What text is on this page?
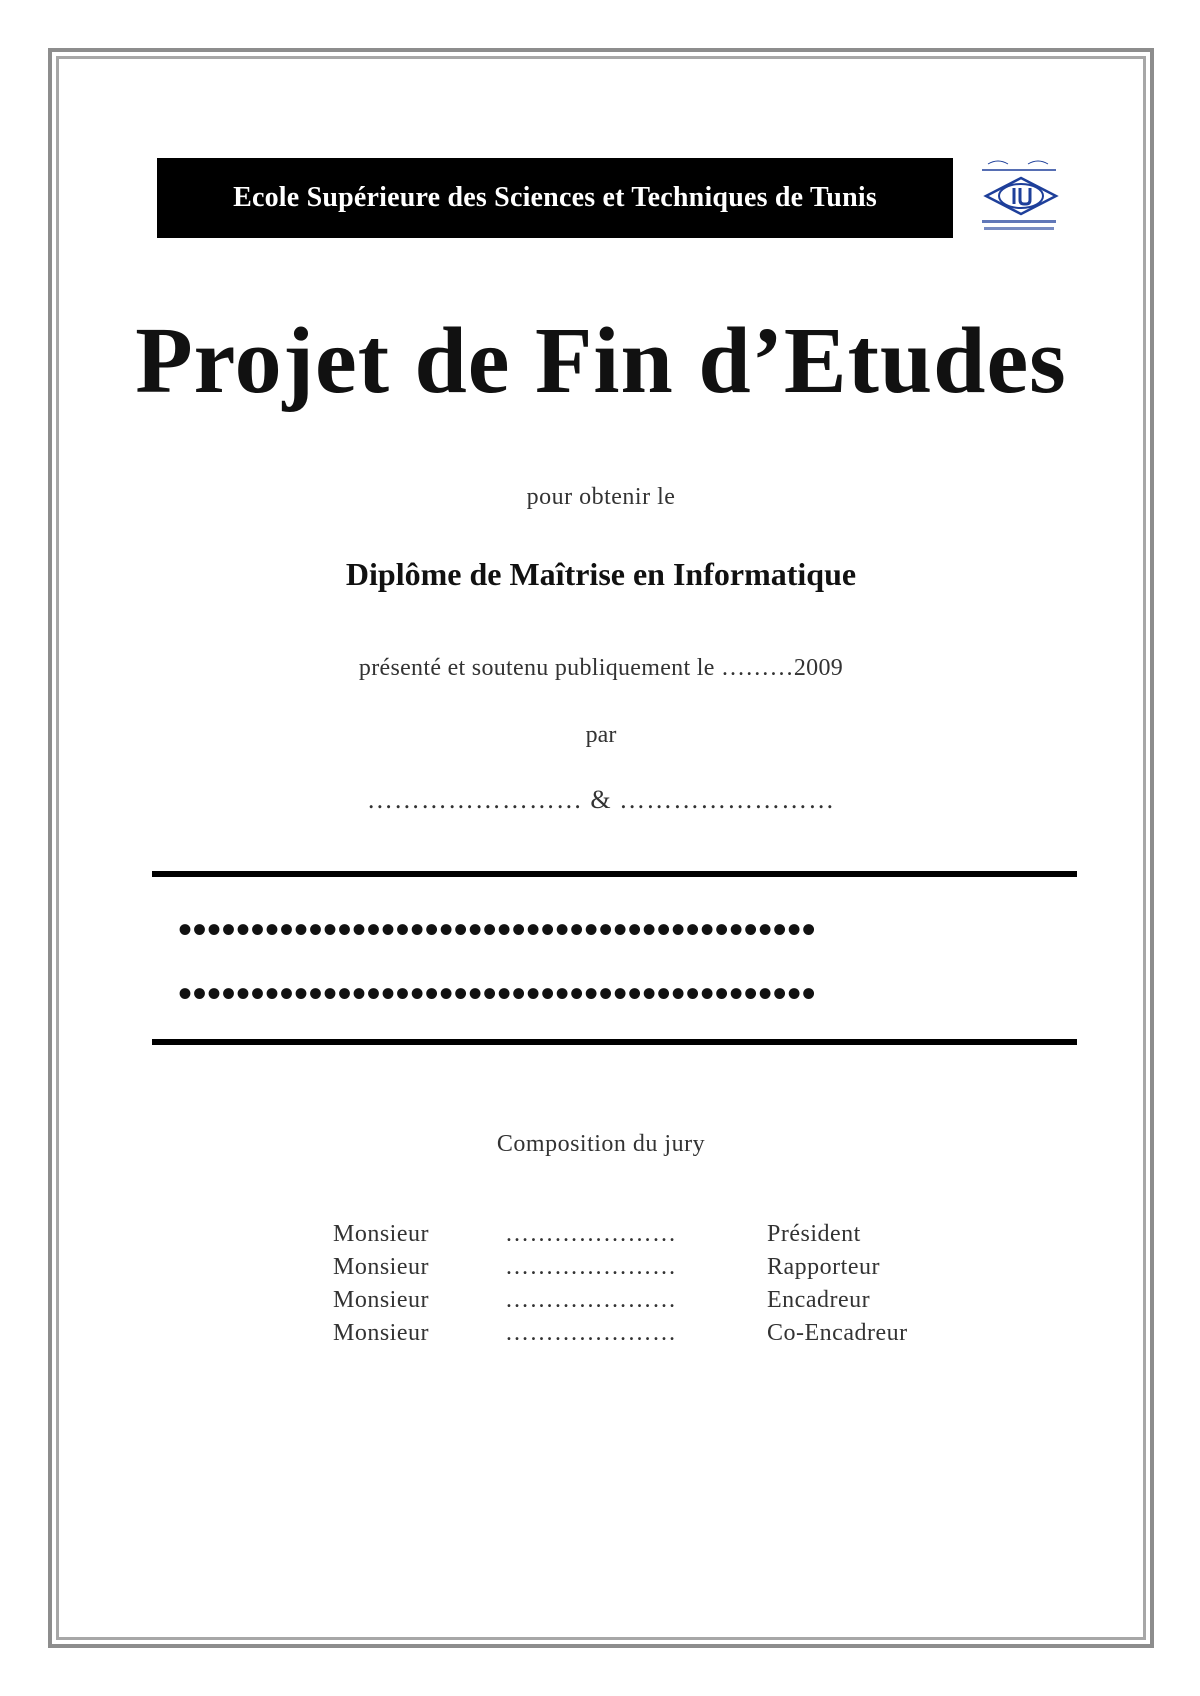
Ecole Supérieure des Sciences et Techniques de Tunis
Projet de Fin d’Etudes
pour obtenir le
Diplôme de Maîtrise en Informatique
présenté et soutenu publiquement le ………2009
par
…………………… & ……………………
••••••••••••••••••••••••••••••••••••••••••••
••••••••••••••••••••••••••••••••••••••••••••
Composition du jury
Monsieur	…………………	Président
Monsieur	…………………	Rapporteur
Monsieur	…………………	Encadreur
Monsieur	…………………	Co-Encadreur
